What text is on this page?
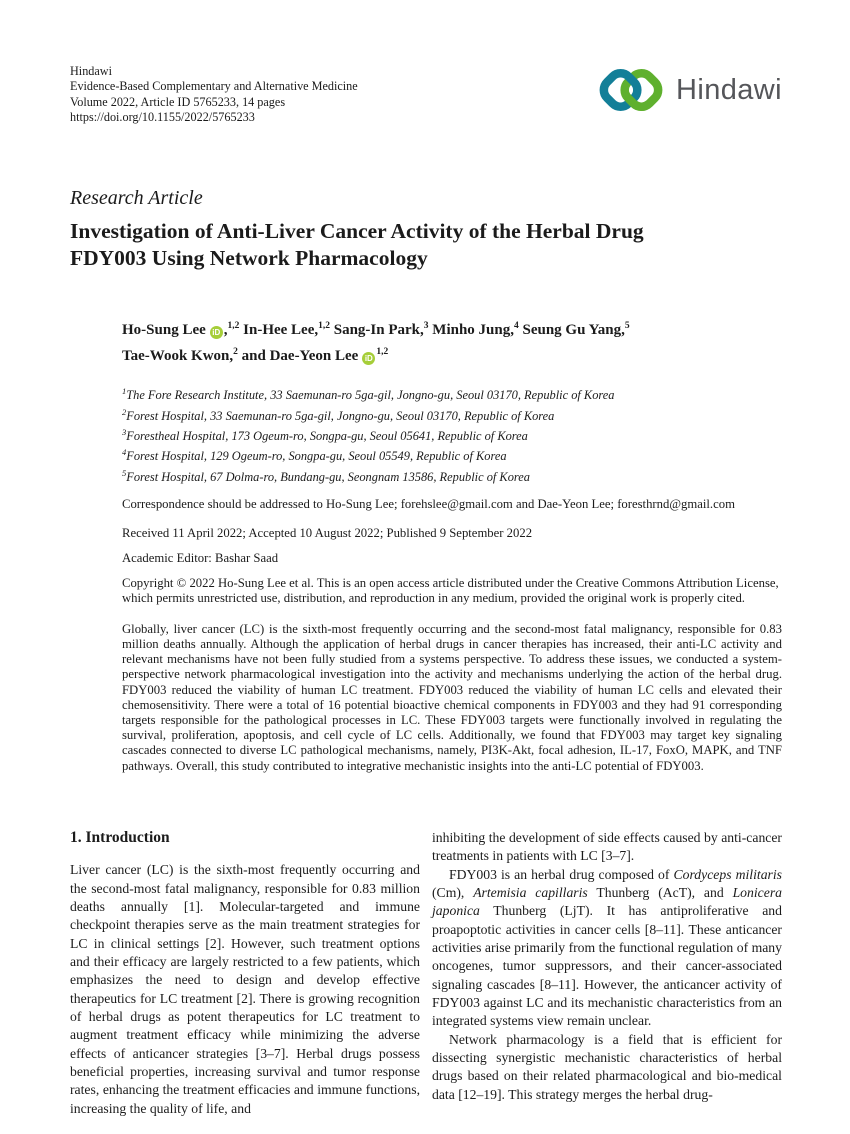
Hindawi
Evidence-Based Complementary and Alternative Medicine
Volume 2022, Article ID 5765233, 14 pages
https://doi.org/10.1155/2022/5765233
Hindawi
Research Article
Investigation of Anti-Liver Cancer Activity of the Herbal Drug
FDY003 Using Network Pharmacology
Ho-Sung Lee iD ,$^{1,2}$ In-Hee Lee,$^{1,2}$ Sang-In Park,$^3$ Minho Jung,$^4$ Seung Gu Yang,$^5$
Tae-Wook Kwon,$^2$ and Dae-Yeon Lee iD$^{1,2}$
$^1$The Fore Research Institute, 33 Saemunan-ro 5ga-gil, Jongno-gu, Seoul 03170, Republic of Korea
$^2$Forest Hospital, 33 Saemunan-ro 5ga-gil, Jongno-gu, Seoul 03170, Republic of Korea
$^3$Forestheal Hospital, 173 Ogeum-ro, Songpa-gu, Seoul 05641, Republic of Korea
$^4$Forest Hospital, 129 Ogeum-ro, Songpa-gu, Seoul 05549, Republic of Korea
$^5$Forest Hospital, 67 Dolma-ro, Bundang-gu, Seongnam 13586, Republic of Korea
Correspondence should be addressed to Ho-Sung Lee; forehslee@gmail.com and Dae-Yeon Lee; foresthrnd@gmail.com
Received 11 April 2022; Accepted 10 August 2022; Published 9 September 2022
Academic Editor: Bashar Saad
Copyright © 2022 Ho-Sung Lee et al. This is an open access article distributed under the Creative Commons Attribution License, which permits unrestricted use, distribution, and reproduction in any medium, provided the original work is properly cited.
Globally, liver cancer (LC) is the sixth-most frequently occurring and the second-most fatal malignancy, responsible for 0.83 million deaths annually. Although the application of herbal drugs in cancer therapies has increased, their anti-LC activity and relevant mechanisms have not been fully studied from a systems perspective. To address these issues, we conducted a system-perspective network pharmacological investigation into the activity and mechanisms underlying the action of the herbal drug. FDY003 reduced the viability of human LC treatment. FDY003 reduced the viability of human LC cells and elevated their chemosensitivity. There were a total of 16 potential bioactive chemical components in FDY003 and they had 91 corresponding targets responsible for the pathological processes in LC. These FDY003 targets were functionally involved in regulating the survival, proliferation, apoptosis, and cell cycle of LC cells. Additionally, we found that FDY003 may target key signaling cascades connected to diverse LC pathological mechanisms, namely, PI3K-Akt, focal adhesion, IL-17, FoxO, MAPK, and TNF pathways. Overall, this study contributed to integrative mechanistic insights into the anti-LC potential of FDY003.
1. Introduction

Liver cancer (LC) is the sixth-most frequently occurring and the second-most fatal malignancy, responsible for 0.83 million deaths annually [1]. Molecular-targeted and immune checkpoint therapies serve as the main treatment strategies for LC in clinical settings [2]. However, such treatment options and their efficacy are largely restricted to a few patients, which emphasizes the need to design and develop effective therapeutics for LC treatment [2]. There is growing recognition of herbal drugs as potent therapeutics for LC treatment to augment treatment efficacy while minimizing the adverse effects of anticancer strategies [3–7]. Herbal drugs possess beneficial properties, increasing survival and tumor response rates, enhancing the treatment efficacies and immune functions, increasing the quality of life, and

inhibiting the development of side effects caused by anti-cancer treatments in patients with LC [3–7].

FDY003 is an herbal drug composed of Cordyceps militaris (Cm), Artemisia capillaris Thunberg (AcT), and Lonicera japonica Thunberg (LjT). It has antiproliferative and proapoptotic activities in cancer cells [8–11]. These anticancer activities arise primarily from the functional regulation of many oncogenes, tumor suppressors, and their cancer-associated signaling cascades [8–11]. However, the anticancer activity of FDY003 against LC and its mechanistic characteristics from an integrated systems view remain unclear.

Network pharmacology is a field that is efficient for dissecting synergistic mechanistic characteristics of herbal drugs based on their related pharmacological and bio-medical data [12–19]. This strategy merges the herbal drug-
